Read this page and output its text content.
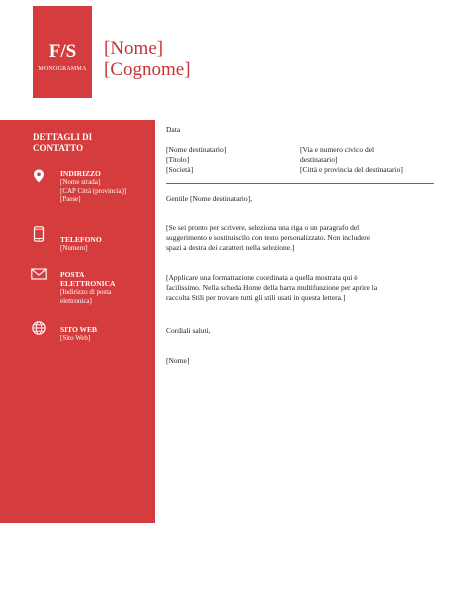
F/S
MONOGRAMMA
[Nome]
[Cognome]
DETTAGLI DI
CONTATTO
INDIRIZZO
[Nome strada]
[CAP Città (provincia)]
[Paese]
TELEFONO
[Numero]
POSTA
ELETTRONICA
[Indirizzo di posta
elettronica]
SITO WEB
[Sito Web]
Data
[Nome destinatario]
[Titolo]
[Società]
[Via e numero civico del
destinatario]
[Città e provincia del destinatario]
Gentile [Nome destinatario],
[Se sei pronto per scrivere, seleziona una riga o un paragrafo del
suggerimento e sostituiscilo con testo personalizzato. Non includere
spazi a destra dei caratteri nella selezione.]
[Applicare una formattazione coordinata a quella mostrata qui è
facilissimo. Nella scheda Home della barra multifunzione per aprire la
raccolta Stili per trovare tutti gli stili usati in questa lettera.]
Cordiali saluti,
[Nome]
